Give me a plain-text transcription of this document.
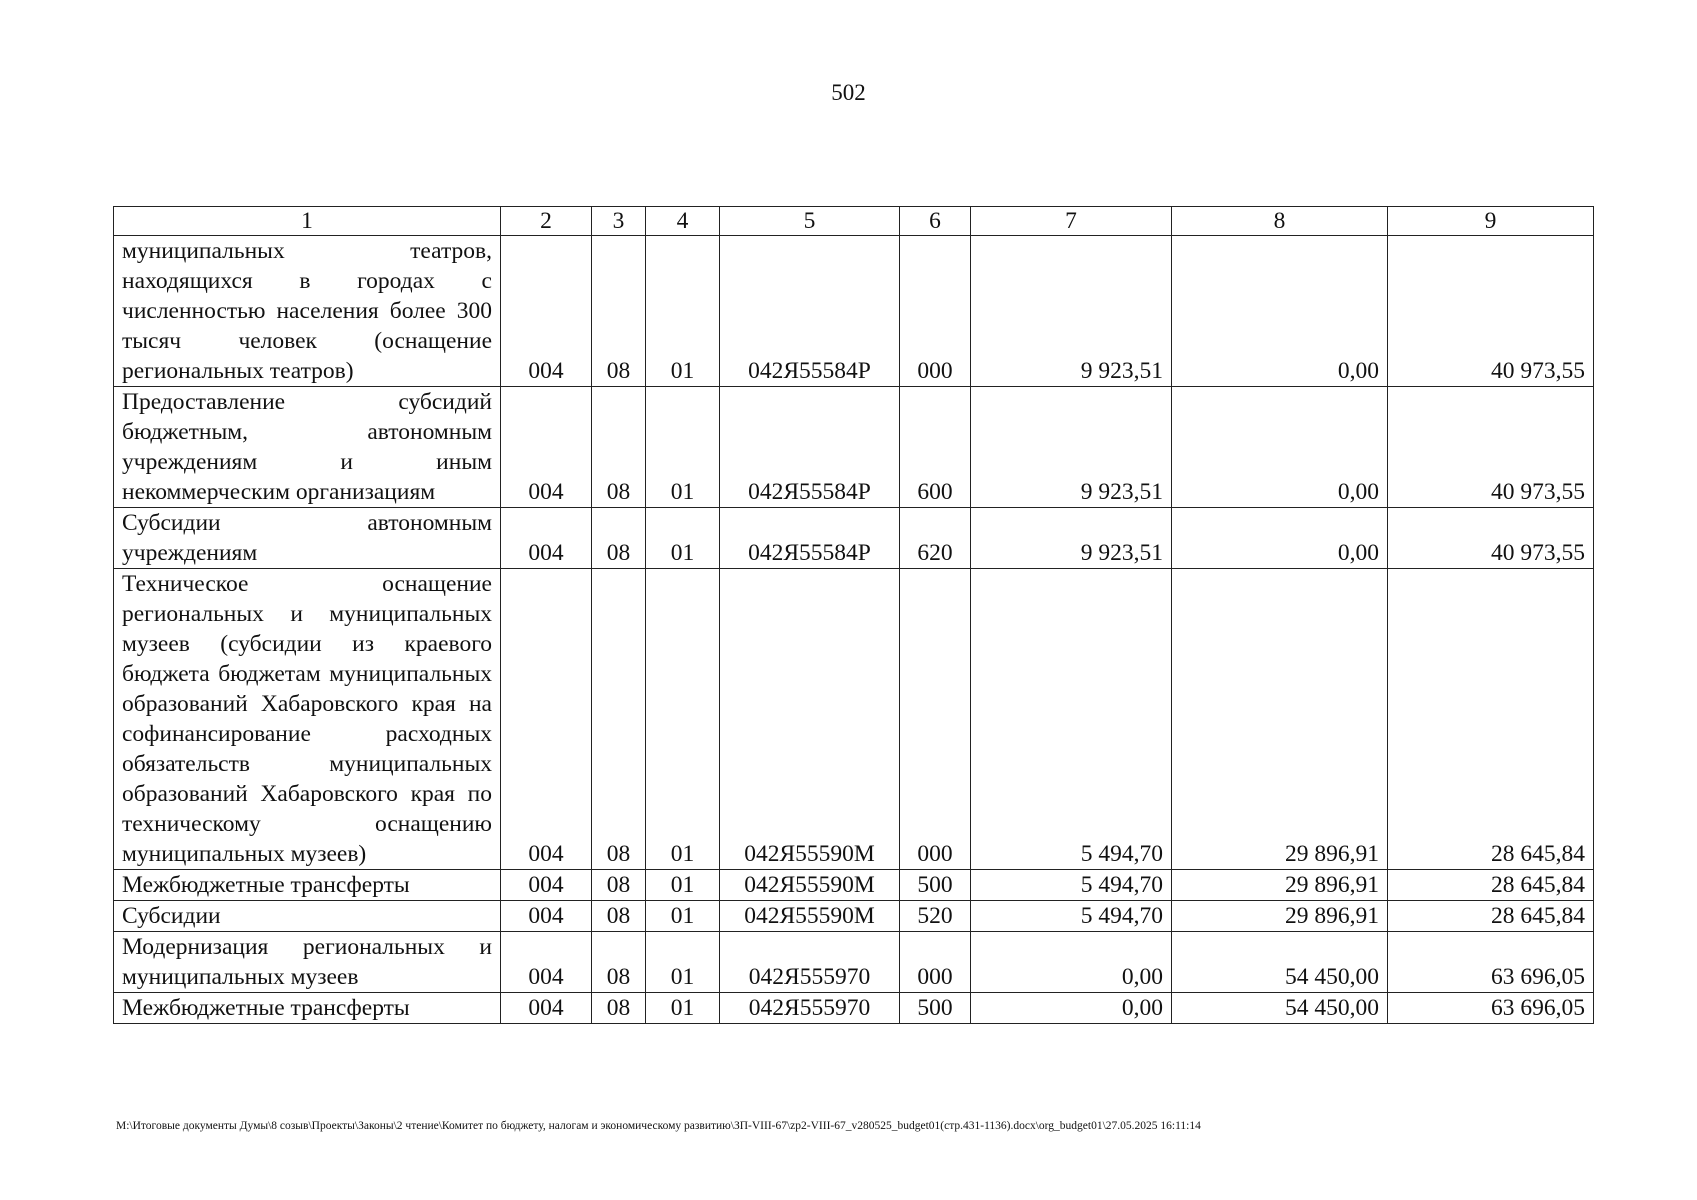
502
1	2	3	4	5	6	7	8	9
муниципальных театров, находящихся в городах с численностью населения более 300 тысяч человек (оснащение региональных театров)	004	08	01	042Я55584Р	000	9 923,51	0,00	40 973,55
Предоставление субсидий бюджетным, автономным учреждениям и иным некоммерческим организациям	004	08	01	042Я55584Р	600	9 923,51	0,00	40 973,55
Субсидии автономным учреждениям	004	08	01	042Я55584Р	620	9 923,51	0,00	40 973,55
Техническое оснащение региональных и муниципальных музеев (субсидии из краевого бюджета бюджетам муниципальных образований Хабаровского края на софинансирование расходных обязательств муниципальных образований Хабаровского края по техническому оснащению муниципальных музеев)	004	08	01	042Я55590М	000	5 494,70	29 896,91	28 645,84
Межбюджетные трансферты	004	08	01	042Я55590М	500	5 494,70	29 896,91	28 645,84
Субсидии	004	08	01	042Я55590М	520	5 494,70	29 896,91	28 645,84
Модернизация региональных и муниципальных музеев	004	08	01	042Я555970	000	0,00	54 450,00	63 696,05
Межбюджетные трансферты	004	08	01	042Я555970	500	0,00	54 450,00	63 696,05
M:\Итоговые документы Думы\8 созыв\Проекты\Законы\2 чтение\Комитет по бюджету, налогам и экономическому развитию\ЗП-VIII-67\zp2-VIII-67_v280525_budget01(стр.431-1136).docx\org_budget01\27.05.2025 16:11:14
